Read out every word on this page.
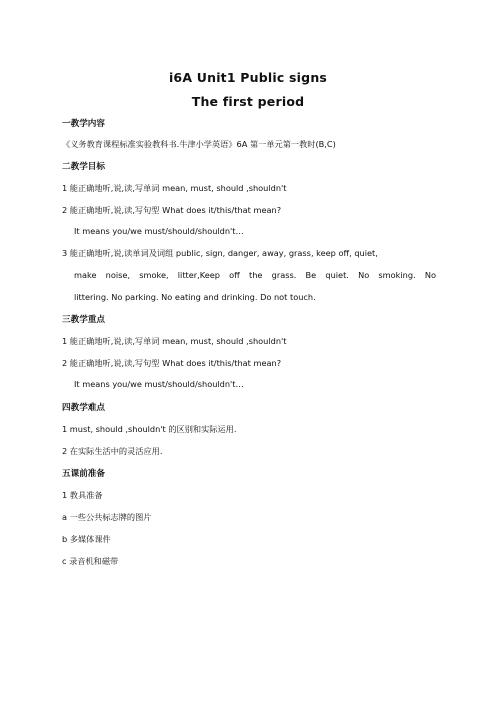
i6A Unit1 Public signs
The first period
一教学内容
《义务教育课程标准实验教科书.牛津小学英语》6A 第一单元第一教时(B,C)
二教学目标
1 能正确地听,说,读,写单词 mean, must, should ,shouldn't
2 能正确地听,说,读,写句型 What does it/this/that mean?
It means you/we must/should/shouldn't…
3 能正确地听,说,读单词及词组 public, sign, danger, away, grass, keep off, quiet,
make noise, smoke, litter,Keep off the grass. Be quiet. No smoking. No
littering. No parking. No eating and drinking. Do not touch.
三教学重点
1 能正确地听,说,读,写单词 mean, must, should ,shouldn't
2 能正确地听,说,读,写句型 What does it/this/that mean?
It means you/we must/should/shouldn't…
四教学难点
1 must, should ,shouldn't 的区别和实际运用.
2 在实际生活中的灵活应用.
五课前准备
1 教具准备
a 一些公共标志牌的图片
b 多媒体课件
c 录音机和磁带
